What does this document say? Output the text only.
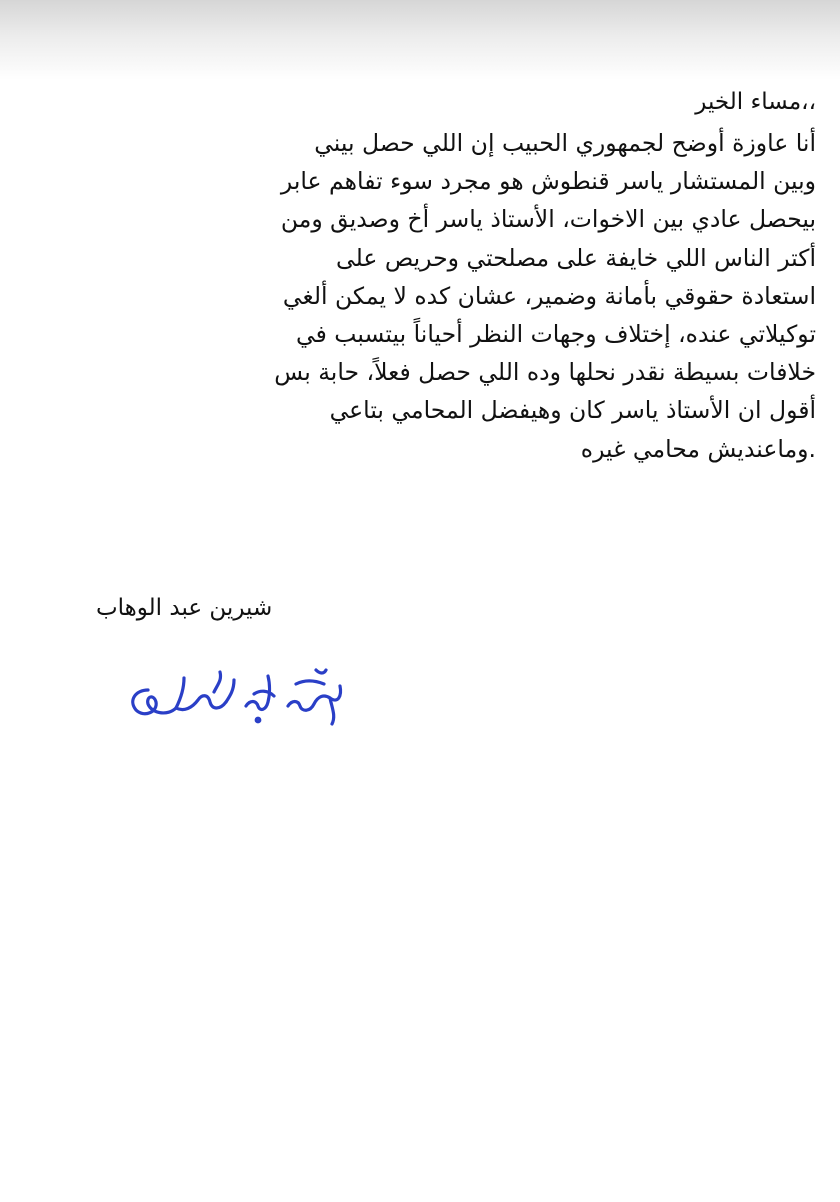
،،مساء الخير

أنا عاوزة أوضح لجمهوري الحبيب إن اللي حصل بيني
وبين المستشار ياسر قنطوش هو مجرد سوء تفاهم عابر
بيحصل عادي بين الاخوات، الأستاذ ياسر أخ وصديق ومن
أكتر الناس اللي خايفة على مصلحتي وحريص على
استعادة حقوقي بأمانة وضمير، عشان كده لا يمكن ألغي
توكيلاتي عنده، إختلاف وجهات النظر أحياناً بيتسبب في
خلافات بسيطة نقدر نحلها وده اللي حصل فعلاً، حابة بس
أقول ان الأستاذ ياسر كان وهيفضل المحامي بتاعي
.وماعنديش محامي غيره
شيرين عبد الوهاب
